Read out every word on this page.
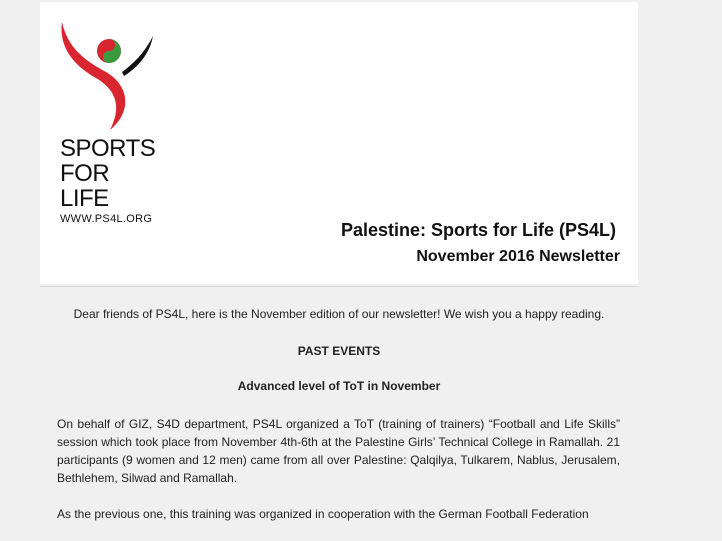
SPORTS
FOR LIFE
WWW.PS4L.ORG
Palestine: Sports for Life (PS4L)
November 2016 Newsletter
Dear friends of PS4L, here is the November edition of our newsletter! We wish you a happy reading.
PAST EVENTS
Advanced level of ToT in November

On behalf of GIZ, S4D department, PS4L organized a ToT (training of trainers) “Football and Life Skills” session which took place from November 4th-6th at the Palestine Girls’ Technical College in Ramallah. 21 participants (9 women and 12 men) came from all over Palestine: Qalqilya, Tulkarem, Nablus, Jerusalem, Bethlehem, Silwad and Ramallah.

As the previous one, this training was organized in cooperation with the German Football Federation
